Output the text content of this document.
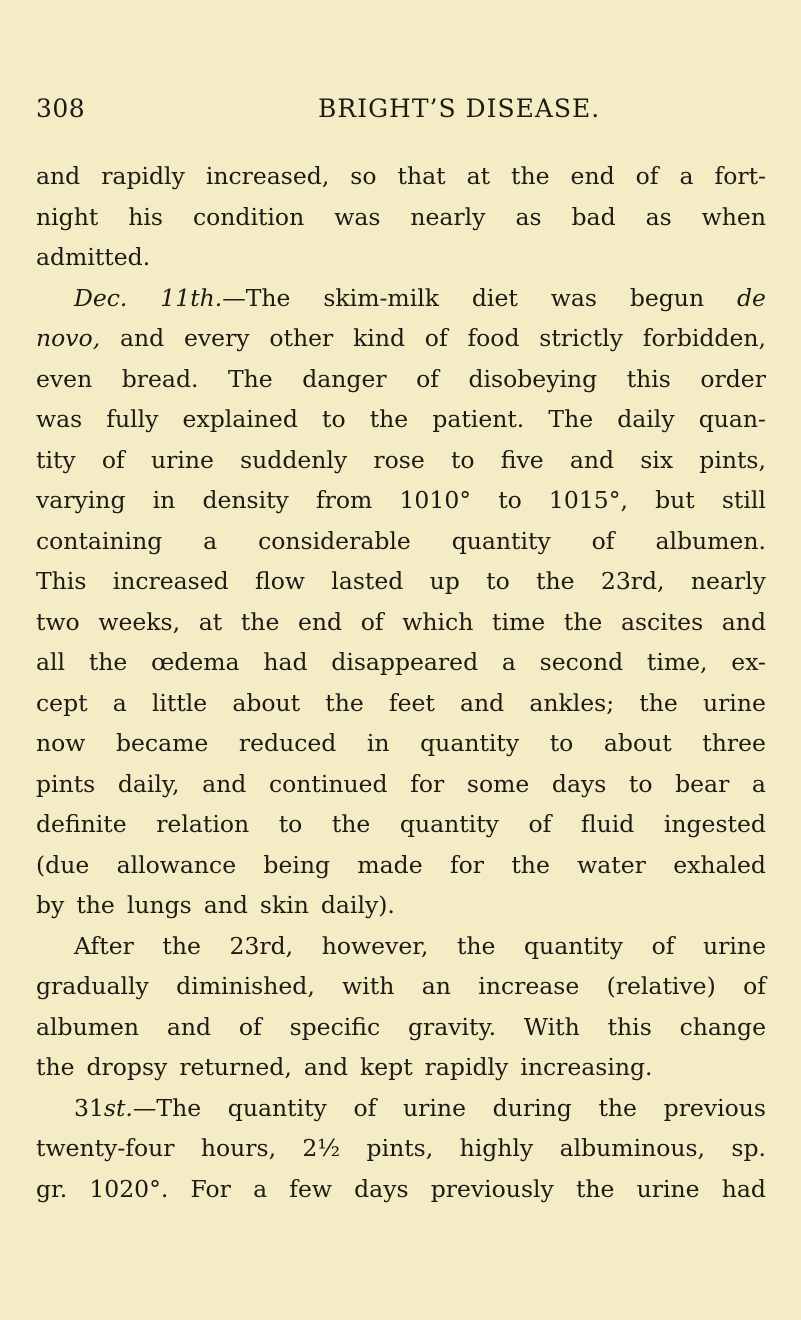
308	BRIGHT’S DISEASE.
and rapidly increased, so that at the end of a fort-
night his condition was nearly as bad as when
admitted.
Dec. 11th.—The skim-milk diet was begun de
novo, and every other kind of food strictly forbidden,
even bread. The danger of disobeying this order
was fully explained to the patient. The daily quan-
tity of urine suddenly rose to five and six pints,
varying in density from 1010° to 1015°, but still
containing a considerable quantity of albumen.
This increased flow lasted up to the 23rd, nearly
two weeks, at the end of which time the ascites and
all the œdema had disappeared a second time, ex-
cept a little about the feet and ankles; the urine
now became reduced in quantity to about three
pints daily, and continued for some days to bear a
definite relation to the quantity of fluid ingested
(due allowance being made for the water exhaled
by the lungs and skin daily).
After the 23rd, however, the quantity of urine
gradually diminished, with an increase (relative) of
albumen and of specific gravity. With this change
the dropsy returned, and kept rapidly increasing.
31st.—The quantity of urine during the previous
twenty-four hours, 2½ pints, highly albuminous, sp.
gr. 1020°. For a few days previously the urine had
